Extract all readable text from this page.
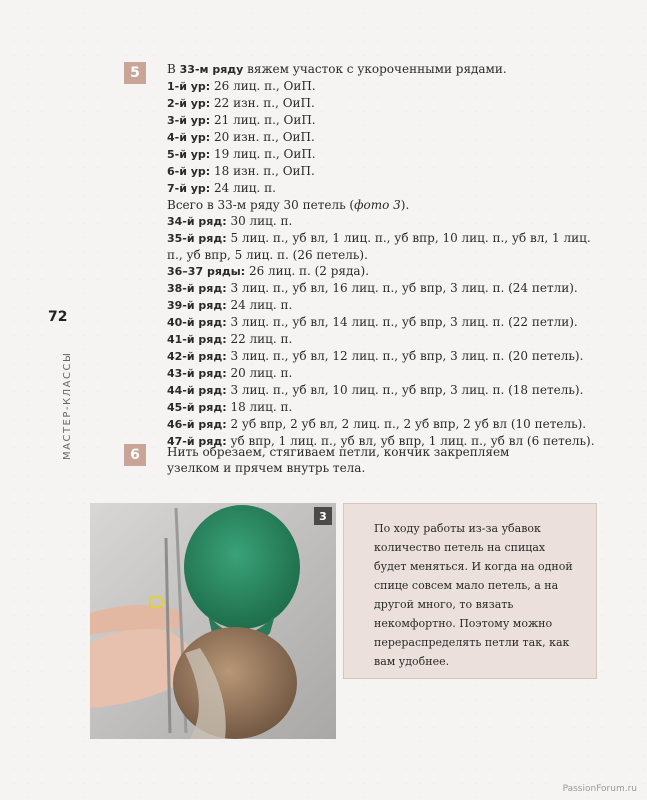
72
МАСТЕР-КЛАССЫ
5	В 33-м ряду вяжем участок с укороченными рядами.
1-й ур: 26 лиц. п., ОиП.
2-й ур: 22 изн. п., ОиП.
3-й ур: 21 лиц. п., ОиП.
4-й ур: 20 изн. п., ОиП.
5-й ур: 19 лиц. п., ОиП.
6-й ур: 18 изн. п., ОиП.
7-й ур: 24 лиц. п.
Всего в 33-м ряду 30 петель (фото 3).
34-й ряд: 30 лиц. п.
35-й ряд: 5 лиц. п., уб вл, 1 лиц. п., уб впр, 10 лиц. п., уб вл, 1 лиц. п., уб впр, 5 лиц. п. (26 петель).
36–37 ряды: 26 лиц. п. (2 ряда).
38-й ряд: 3 лиц. п., уб вл, 16 лиц. п., уб впр, 3 лиц. п. (24 петли).
39-й ряд: 24 лиц. п.
40-й ряд: 3 лиц. п., уб вл, 14 лиц. п., уб впр, 3 лиц. п. (22 петли).
41-й ряд: 22 лиц. п.
42-й ряд: 3 лиц. п., уб вл, 12 лиц. п., уб впр, 3 лиц. п. (20 петель).
43-й ряд: 20 лиц. п.
44-й ряд: 3 лиц. п., уб вл, 10 лиц. п., уб впр, 3 лиц. п. (18 петель).
45-й ряд: 18 лиц. п.
46-й ряд: 2 уб впр, 2 уб вл, 2 лиц. п., 2 уб впр, 2 уб вл (10 петель).
47-й ряд: уб впр, 1 лиц. п., уб вл, уб впр, 1 лиц. п., уб вл (6 петель).
6	Нить обрезаем, стягиваем петли, кончик закрепляем узелком и прячем внутрь тела.
3
По ходу работы из-за убавок количество петель на спицах будет меняться. И когда на одной спице совсем мало петель, а на другой много, то вязать некомфортно. Поэтому можно перераспределять петли так, как вам удобнее.
PassionForum.ru
